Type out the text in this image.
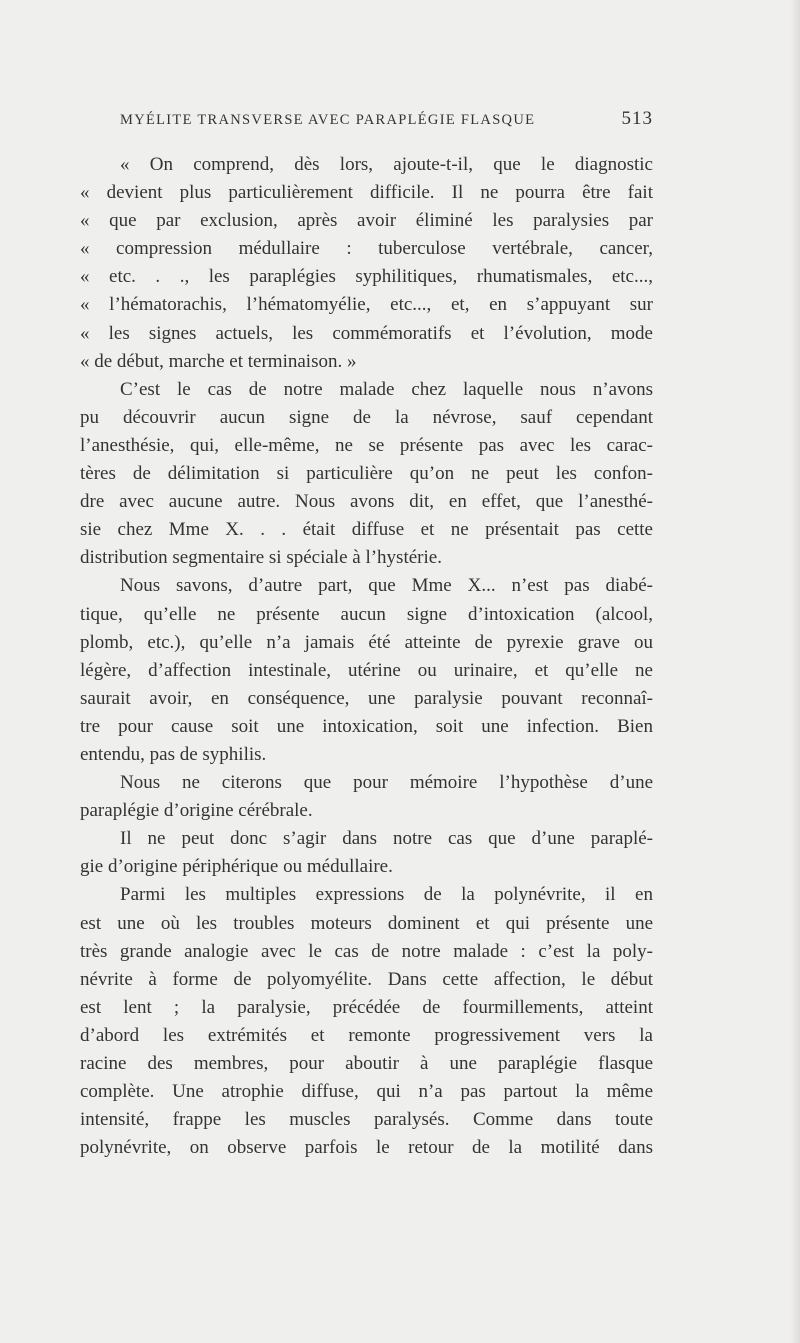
MYÉLITE TRANSVERSE AVEC PARAPLÉGIE FLASQUE	513
« On comprend, dès lors, ajoute-t-il, que le diagnostic
« devient plus particulièrement difficile. Il ne pourra être fait
« que par exclusion, après avoir éliminé les paralysies par
« compression médullaire : tuberculose vertébrale, cancer,
« etc. . ., les paraplégies syphilitiques, rhumatismales, etc...,
« l’hématorachis, l’hématomyélie, etc..., et, en s’appuyant sur
« les signes actuels, les commémoratifs et l’évolution, mode
« de début, marche et terminaison. »
C’est le cas de notre malade chez laquelle nous n’avons
pu découvrir aucun signe de la névrose, sauf cependant
l’anesthésie, qui, elle-même, ne se présente pas avec les carac-
tères de délimitation si particulière qu’on ne peut les confon-
dre avec aucune autre. Nous avons dit, en effet, que l’anesthé-
sie chez Mme X. . . était diffuse et ne présentait pas cette
distribution segmentaire si spéciale à l’hystérie.
Nous savons, d’autre part, que Mme X... n’est pas diabé-
tique, qu’elle ne présente aucun signe d’intoxication (alcool,
plomb, etc.), qu’elle n’a jamais été atteinte de pyrexie grave ou
légère, d’affection intestinale, utérine ou urinaire, et qu’elle ne
saurait avoir, en conséquence, une paralysie pouvant reconnaî-
tre pour cause soit une intoxication, soit une infection. Bien
entendu, pas de syphilis.
Nous ne citerons que pour mémoire l’hypothèse d’une
paraplégie d’origine cérébrale.
Il ne peut donc s’agir dans notre cas que d’une paraplé-
gie d’origine périphérique ou médullaire.
Parmi les multiples expressions de la polynévrite, il en
est une où les troubles moteurs dominent et qui présente une
très grande analogie avec le cas de notre malade : c’est la poly-
névrite à forme de polyomyélite. Dans cette affection, le début
est lent ; la paralysie, précédée de fourmillements, atteint
d’abord les extrémités et remonte progressivement vers la
racine des membres, pour aboutir à une paraplégie flasque
complète. Une atrophie diffuse, qui n’a pas partout la même
intensité, frappe les muscles paralysés. Comme dans toute
polynévrite, on observe parfois le retour de la motilité dans
